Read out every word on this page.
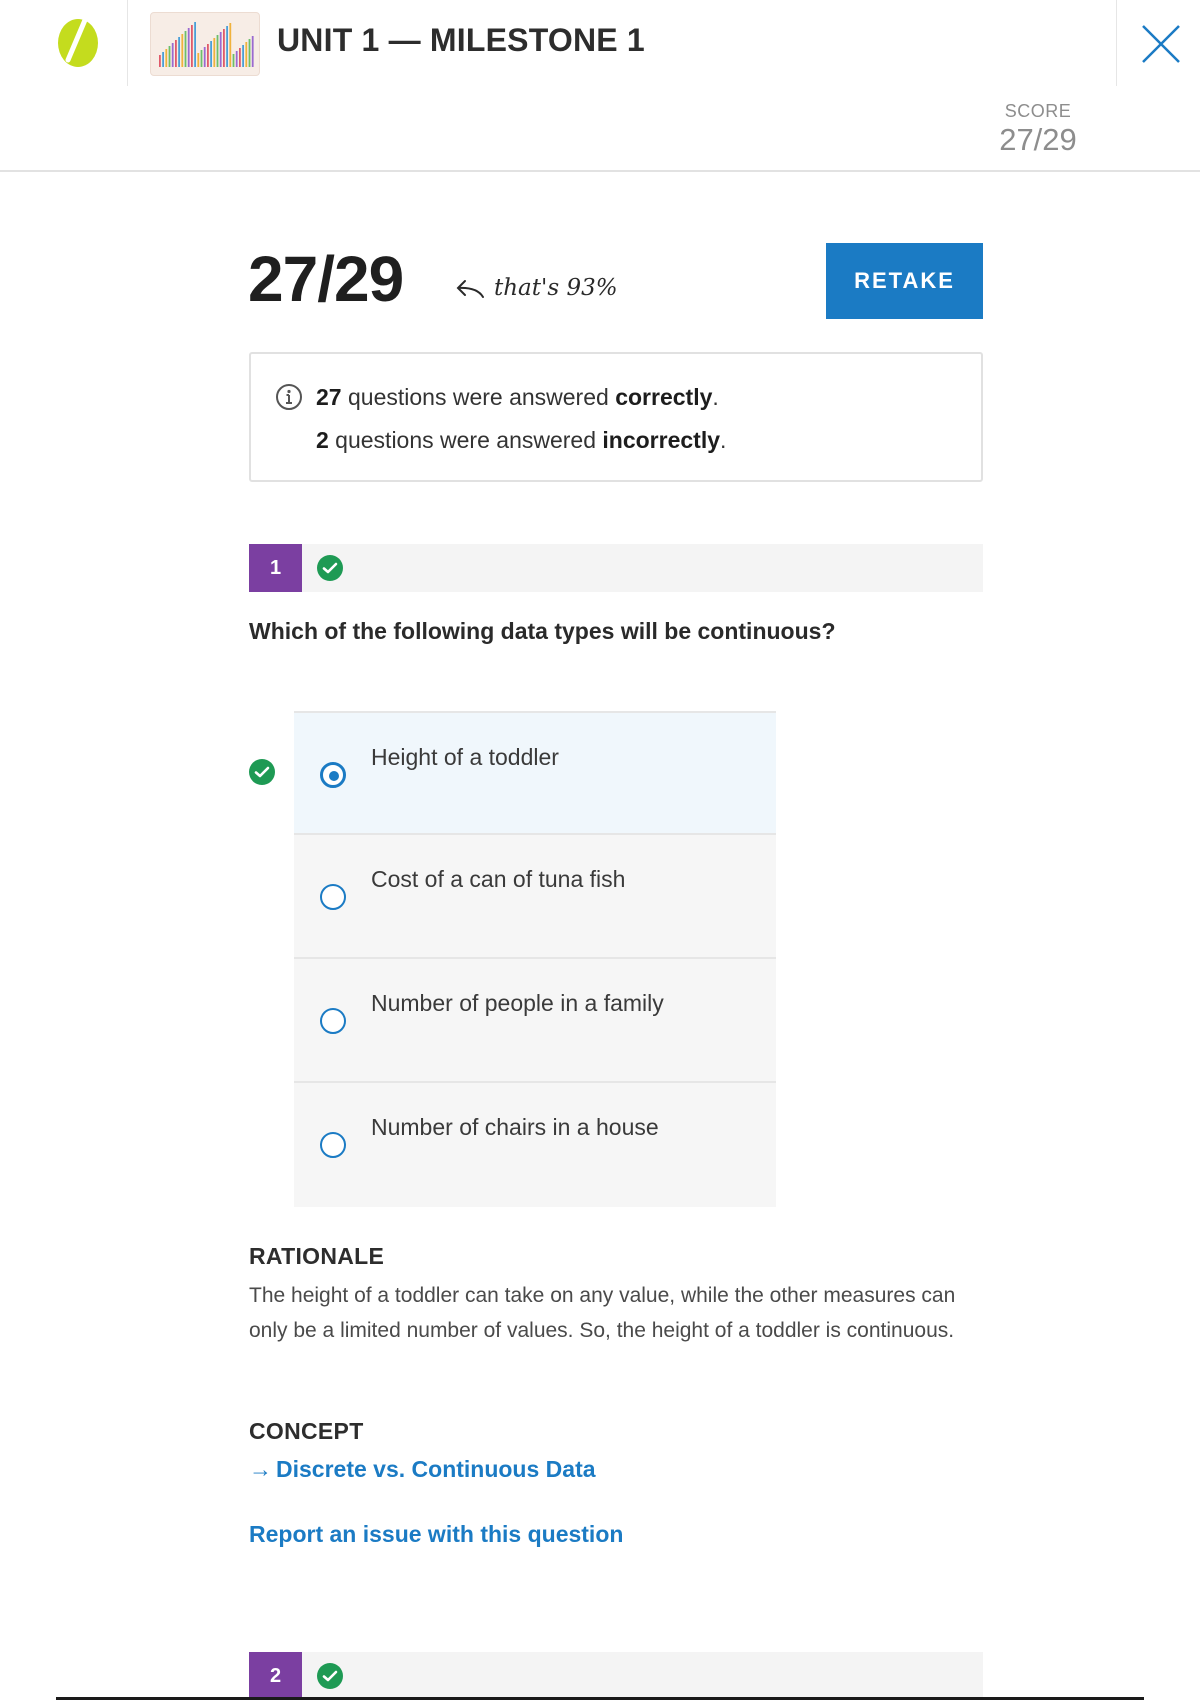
UNIT 1 — MILESTONE 1
SCORE
27/29
27/29	that's 93%	RETAKE
27 questions were answered correctly.
2 questions were answered incorrectly.
1
Which of the following data types will be continuous?
Height of a toddler
Cost of a can of tuna fish
Number of people in a family
Number of chairs in a house
RATIONALE
The height of a toddler can take on any value, while the other measures can only be a limited number of values. So, the height of a toddler is continuous.
CONCEPT
→ Discrete vs. Continuous Data
Report an issue with this question
2
